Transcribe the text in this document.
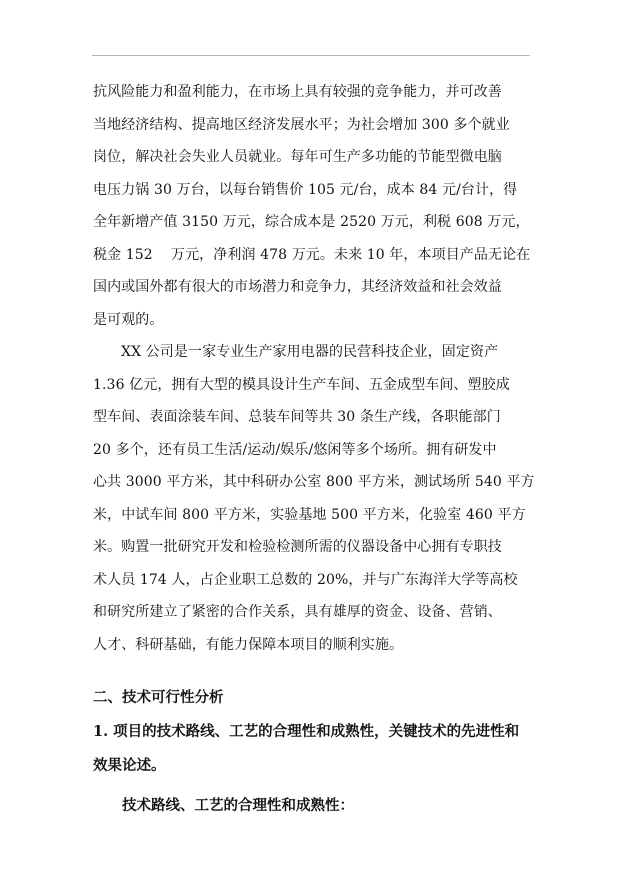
抗风险能力和盈利能力，在市场上具有较强的竞争能力，并可改善
当地经济结构、提高地区经济发展水平；为社会增加 300 多个就业
岗位，解决社会失业人员就业。每年可生产多功能的节能型微电脑
电压力锅 30 万台，以每台销售价 105 元/台，成本 84 元/台计，得
全年新增产值 3150 万元，综合成本是 2520 万元，利税 608 万元，
税金 152    万元，净利润 478 万元。未来 10 年，本项目产品无论在
国内或国外都有很大的市场潜力和竞争力，其经济效益和社会效益
是可观的。
XX 公司是一家专业生产家用电器的民营科技企业，固定资产
1.36 亿元，拥有大型的模具设计生产车间、五金成型车间、塑胶成
型车间、表面涂装车间、总装车间等共 30 条生产线，各职能部门
20 多个，还有员工生活/运动/娱乐/悠闲等多个场所。拥有研发中
心共 3000 平方米，其中科研办公室 800 平方米，测试场所 540 平方
米，中试车间 800 平方米，实验基地 500 平方米，化验室 460 平方
米。购置一批研究开发和检验检测所需的仪器设备中心拥有专职技
术人员 174 人，占企业职工总数的 20%，并与广东海洋大学等高校
和研究所建立了紧密的合作关系，具有雄厚的资金、设备、营销、
人才、科研基础，有能力保障本项目的顺利实施。
二、技术可行性分析
1. 项目的技术路线、工艺的合理性和成熟性，关键技术的先进性和
效果论述。
技术路线、工艺的合理性和成熟性：
